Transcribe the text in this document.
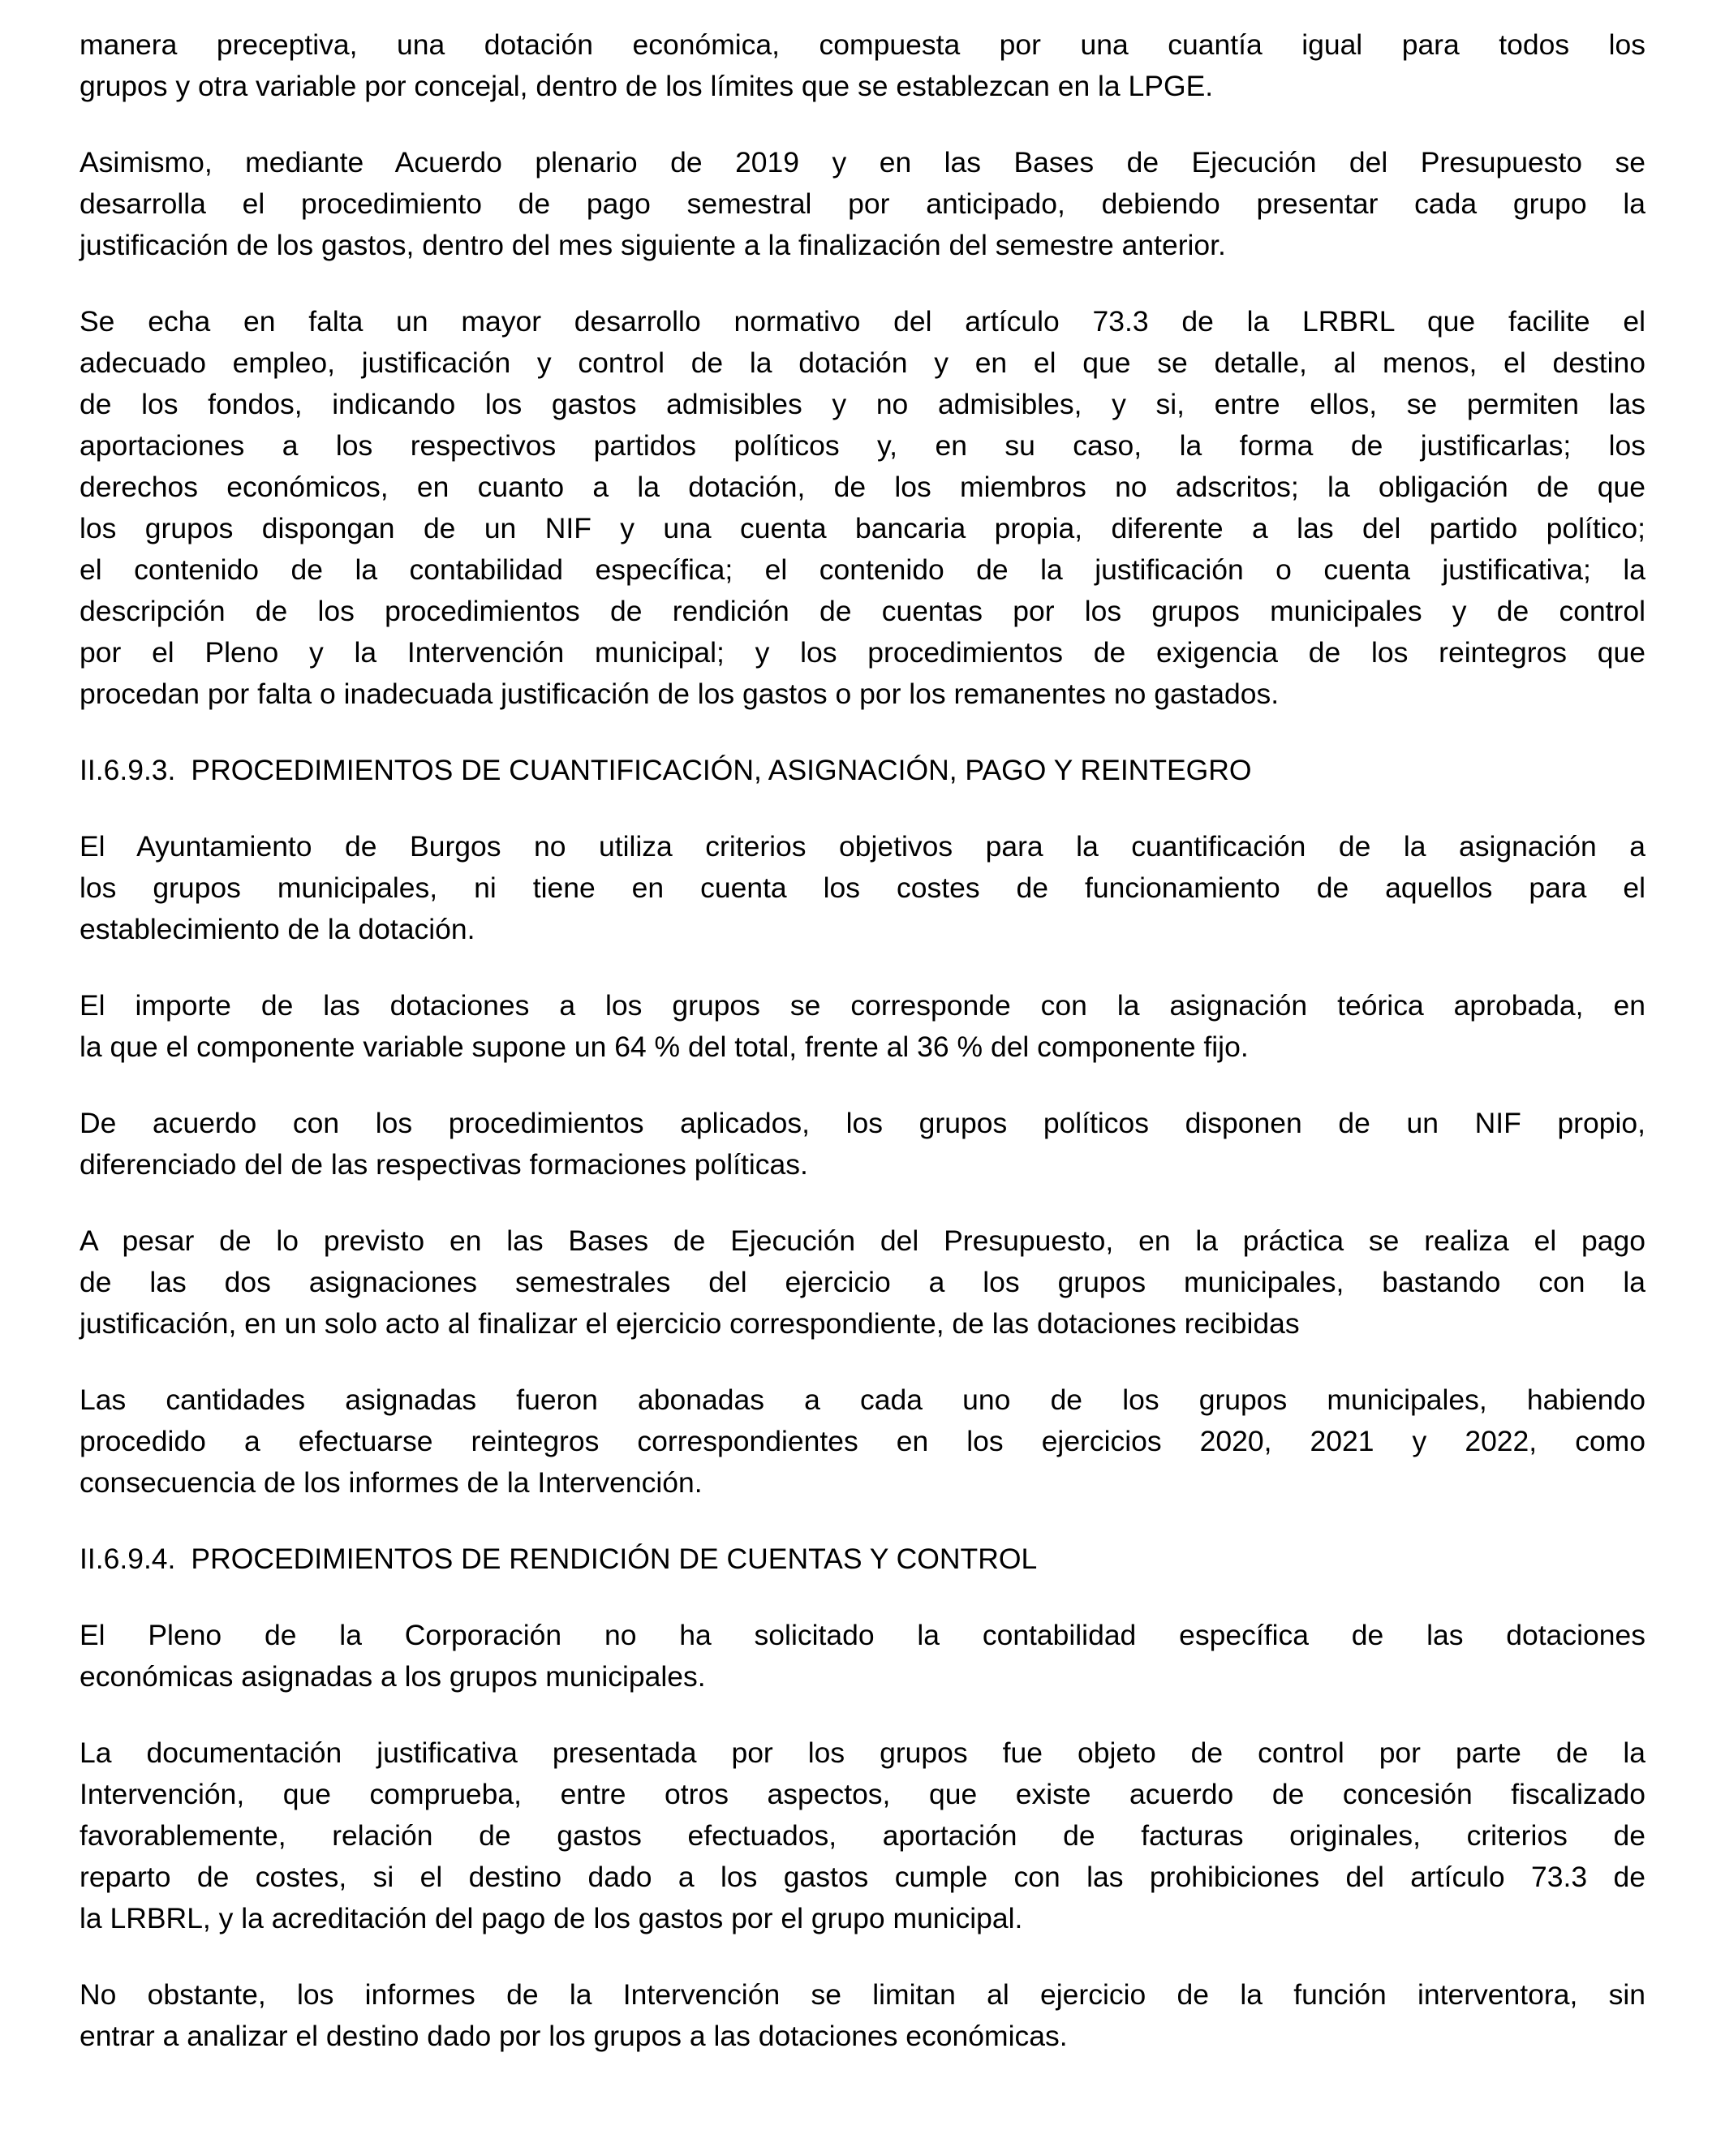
manera preceptiva, una dotación económica, compuesta por una cuantía igual para todos los
grupos y otra variable por concejal, dentro de los límites que se establezcan en la LPGE.
Asimismo, mediante Acuerdo plenario de 2019 y en las Bases de Ejecución del Presupuesto se
desarrolla el procedimiento de pago semestral por anticipado, debiendo presentar cada grupo la
justificación de los gastos, dentro del mes siguiente a la finalización del semestre anterior.
Se echa en falta un mayor desarrollo normativo del artículo 73.3 de la LRBRL que facilite el
adecuado empleo, justificación y control de la dotación y en el que se detalle, al menos, el destino
de los fondos, indicando los gastos admisibles y no admisibles, y si, entre ellos, se permiten las
aportaciones a los respectivos partidos políticos y, en su caso, la forma de justificarlas; los
derechos económicos, en cuanto a la dotación, de los miembros no adscritos; la obligación de que
los grupos dispongan de un NIF y una cuenta bancaria propia, diferente a las del partido político;
el contenido de la contabilidad específica; el contenido de la justificación o cuenta justificativa; la
descripción de los procedimientos de rendición de cuentas por los grupos municipales y de control
por el Pleno y la Intervención municipal; y los procedimientos de exigencia de los reintegros que
procedan por falta o inadecuada justificación de los gastos o por los remanentes no gastados.
II.6.9.3. PROCEDIMIENTOS DE CUANTIFICACIÓN, ASIGNACIÓN, PAGO Y REINTEGRO
El Ayuntamiento de Burgos no utiliza criterios objetivos para la cuantificación de la asignación a
los grupos municipales, ni tiene en cuenta los costes de funcionamiento de aquellos para el
establecimiento de la dotación.
El importe de las dotaciones a los grupos se corresponde con la asignación teórica aprobada, en
la que el componente variable supone un 64 % del total, frente al 36 % del componente fijo.
De acuerdo con los procedimientos aplicados, los grupos políticos disponen de un NIF propio,
diferenciado del de las respectivas formaciones políticas.
A pesar de lo previsto en las Bases de Ejecución del Presupuesto, en la práctica se realiza el pago
de las dos asignaciones semestrales del ejercicio a los grupos municipales, bastando con la
justificación, en un solo acto al finalizar el ejercicio correspondiente, de las dotaciones recibidas
Las cantidades asignadas fueron abonadas a cada uno de los grupos municipales, habiendo
procedido a efectuarse reintegros correspondientes en los ejercicios 2020, 2021 y 2022, como
consecuencia de los informes de la Intervención.
II.6.9.4. PROCEDIMIENTOS DE RENDICIÓN DE CUENTAS Y CONTROL
El Pleno de la Corporación no ha solicitado la contabilidad específica de las dotaciones
económicas asignadas a los grupos municipales.
La documentación justificativa presentada por los grupos fue objeto de control por parte de la
Intervención, que comprueba, entre otros aspectos, que existe acuerdo de concesión fiscalizado
favorablemente, relación de gastos efectuados, aportación de facturas originales, criterios de
reparto de costes, si el destino dado a los gastos cumple con las prohibiciones del artículo 73.3 de
la LRBRL, y la acreditación del pago de los gastos por el grupo municipal.
No obstante, los informes de la Intervención se limitan al ejercicio de la función interventora, sin
entrar a analizar el destino dado por los grupos a las dotaciones económicas.
